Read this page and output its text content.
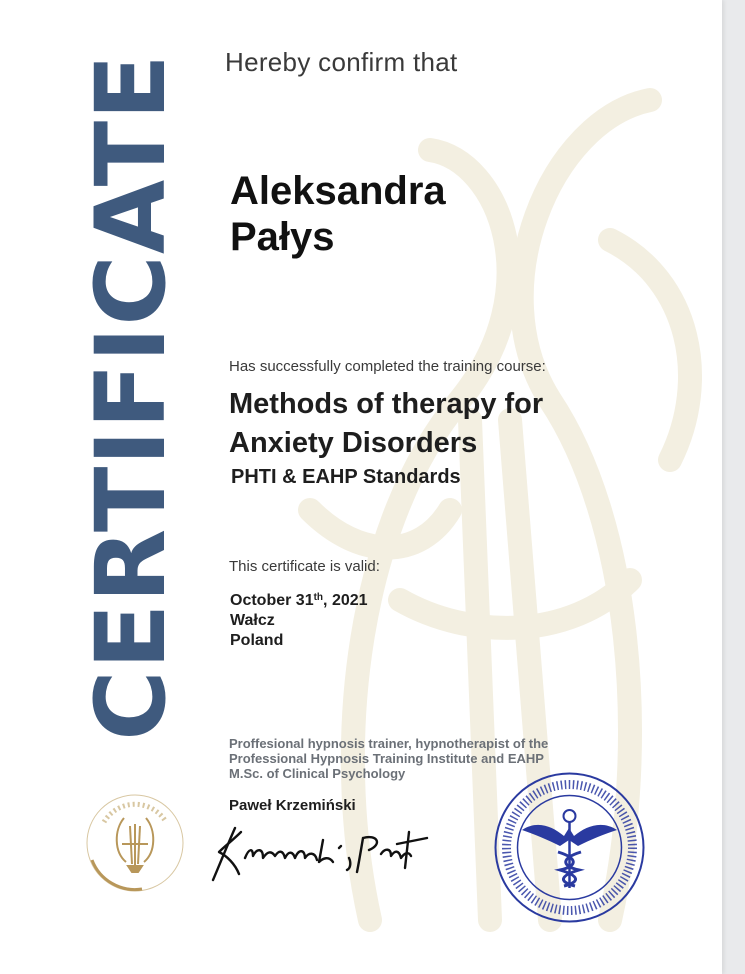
CERTIFICATE Hereby confirm that
Aleksandra
Pałys
Has successfully completed the training course:
Methods of therapy for
Anxiety Disorders
PHTI & EAHP Standards
This certificate is valid:
October 31th, 2021
Wałcz
Poland
Proffesional hypnosis trainer, hypnotherapist of the
Professional Hypnosis Training Institute and EAHP
M.Sc. of Clinical Psychology
Paweł Krzemiński
